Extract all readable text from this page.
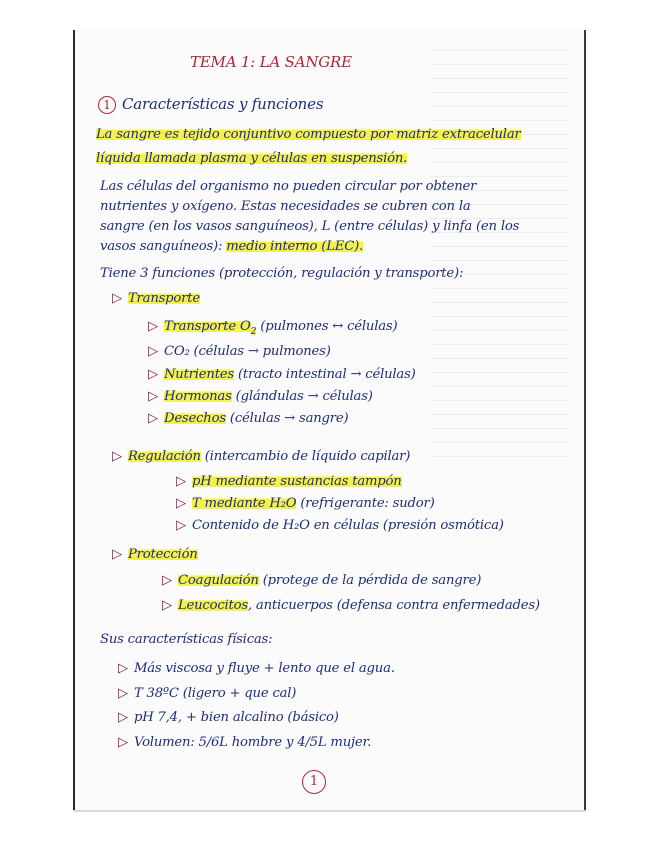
TEMA 1: LA SANGRE
1 Características y funciones
La sangre es tejido conjuntivo compuesto por matriz extracelular
líquida llamada plasma y células en suspensión.
Las células del organismo no pueden circular por obtener
nutrientes y oxígeno. Estas necesidades se cubren con la
sangre (en los vasos sanguíneos), L (entre células) y linfa (en los
vasos sanguíneos): medio interno (LEC).
Tiene 3 funciones (protección, regulación y transporte):
▷ Transporte
▷ Transporte $O_2$ (pulmones ↔ células)
▷ CO₂ (células → pulmones)
▷ Nutrientes (tracto intestinal → células)
▷ Hormonas (glándulas → células)
▷ Desechos (células → sangre)
▷ Regulación (intercambio de líquido capilar)
▷ pH mediante sustancias tampón
▷ T mediante H₂O (refrigerante: sudor)
▷ Contenido de H₂O en células (presión osmótica)
▷ Protección
▷ Coagulación (protege de la pérdida de sangre)
▷ Leucocitos, anticuerpos (defensa contra enfermedades)
Sus características físicas:
▷ Más viscosa y fluye + lento que el agua.
▷ T 38ºC (ligero + que cal)
▷ pH 7,4, + bien alcalino (básico)
▷ Volumen: 5/6L hombre y 4/5L mujer.
1
